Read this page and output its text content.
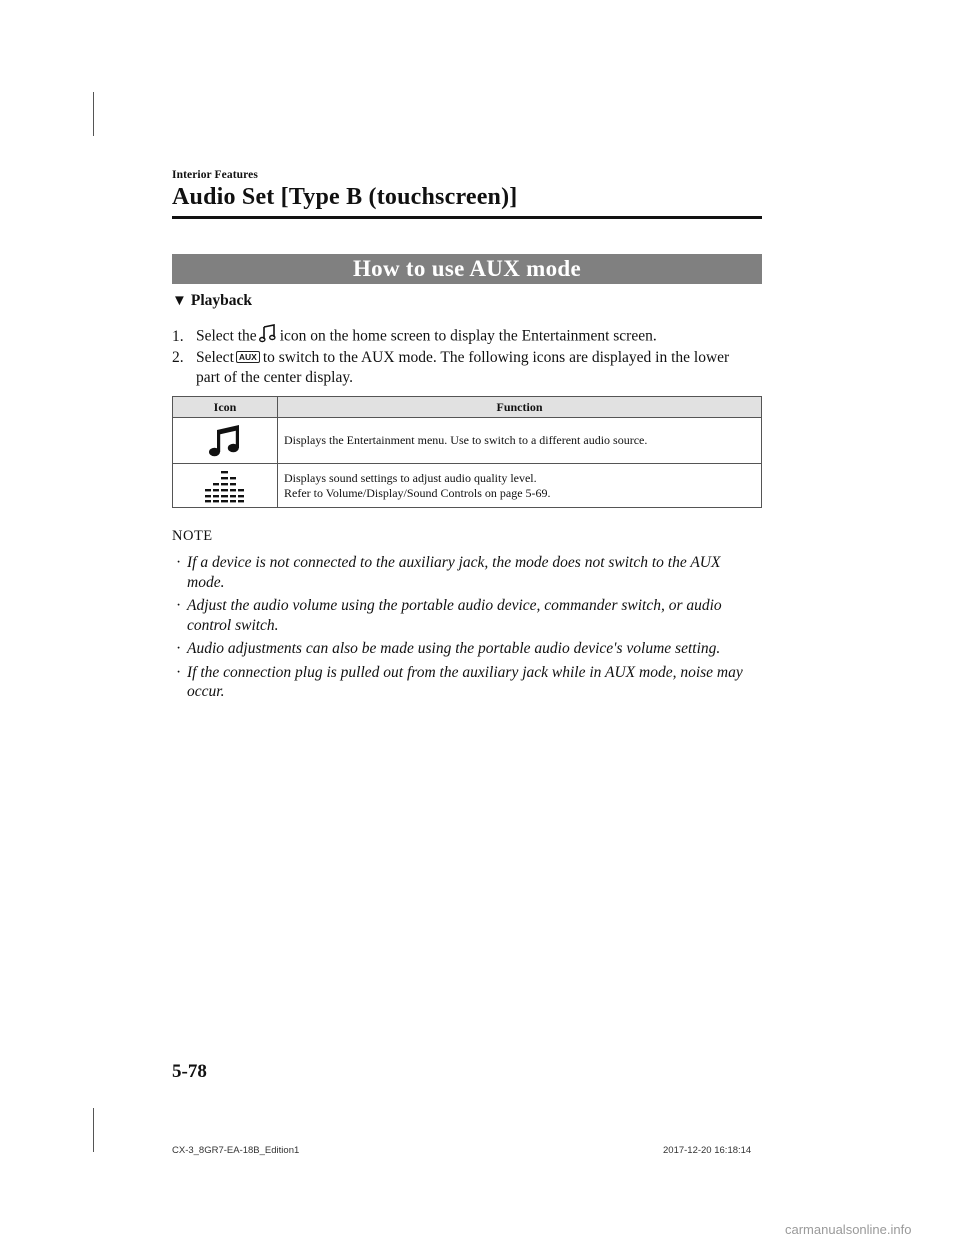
Interior Features
Audio Set [Type B (touchscreen)]
How to use AUX mode
▼ Playback
1. Select the icon on the home screen to display the Entertainment screen.
2. Select AUX to switch to the AUX mode. The following icons are displayed in the lower
part of the center display.
Icon	Function
	Displays the Entertainment menu. Use to switch to a different audio source.
	Displays sound settings to adjust audio quality level.
Refer to Volume/Display/Sound Controls on page 5-69.
NOTE
· If a device is not connected to the auxiliary jack, the mode does not switch to the AUX mode.
· Adjust the audio volume using the portable audio device, commander switch, or audio control switch.
· Audio adjustments can also be made using the portable audio device's volume setting.
· If the connection plug is pulled out from the auxiliary jack while in AUX mode, noise may occur.
5-78
CX-3_8GR7-EA-18B_Edition1	2017-12-20 16:18:14
carmanualsonline.info
